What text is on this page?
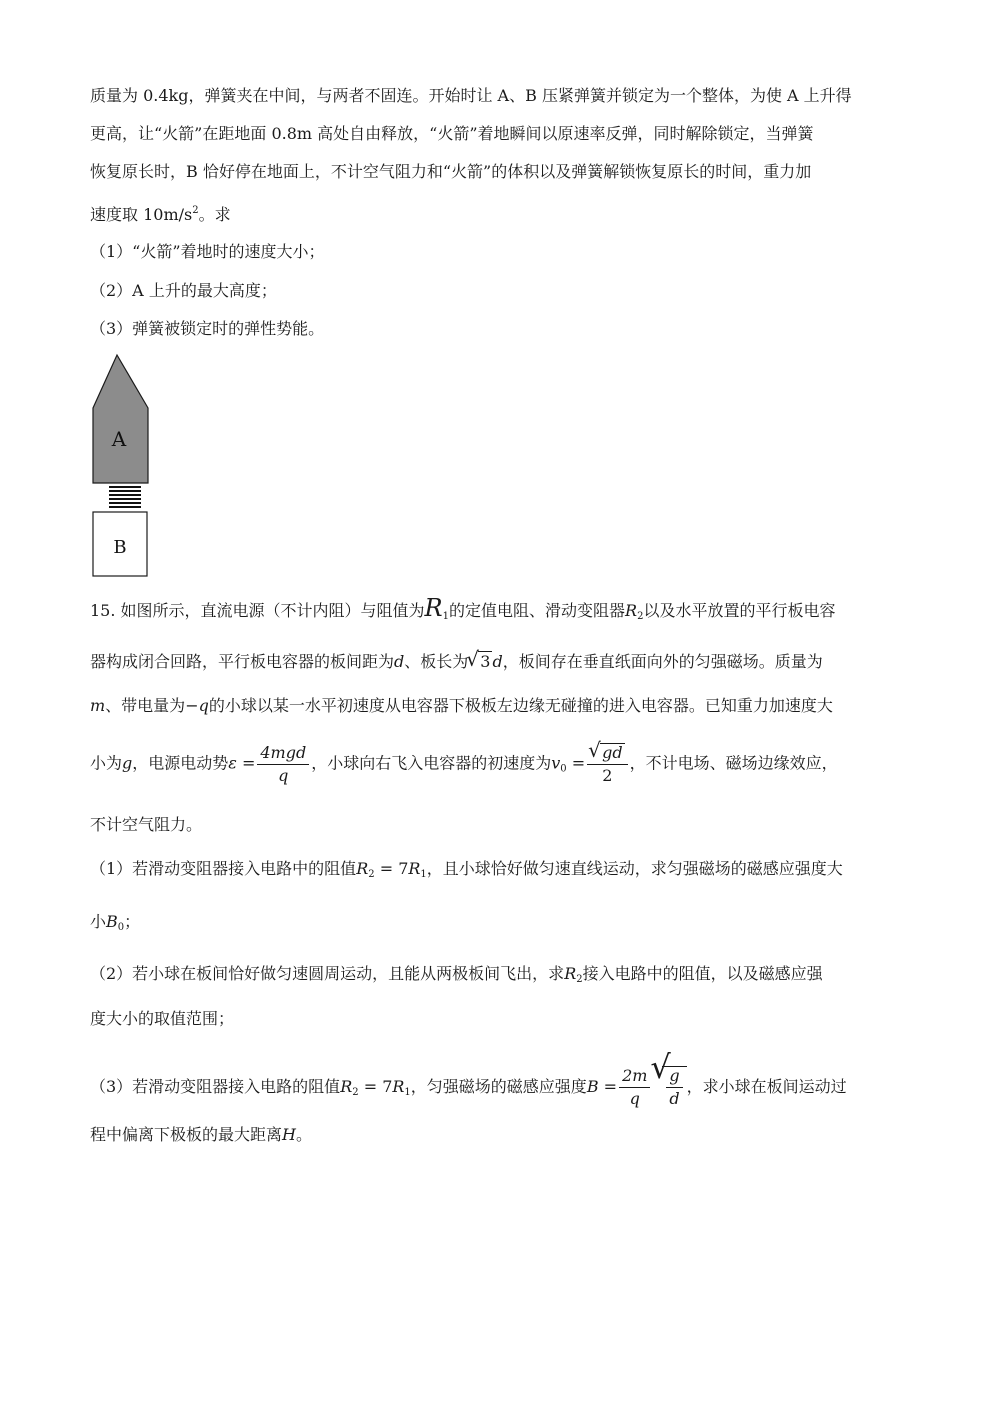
质量为 0.4kg，弹簧夹在中间，与两者不固连。开始时让 A、B 压紧弹簧并锁定为一个整体，为使 A 上升得
更高，让“火箭”在距地面 0.8m 高处自由释放，“火箭”着地瞬间以原速率反弹，同时解除锁定，当弹簧
恢复原长时，B 恰好停在地面上，不计空气阻力和“火箭”的体积以及弹簧解锁恢复原长的时间，重力加
速度取 $10m/s^2$。求
（1）“火箭”着地时的速度大小；
（2）A 上升的最大高度；
（3）弹簧被锁定时的弹性势能。
A
B
15. 如图所示，直流电源（不计内阻）与阻值为$R_1$的定值电阻、滑动变阻器$R_2$以及水平放置的平行板电容
器构成闭合回路，平行板电容器的板间距为d、板长为 √ 3 d，板间存在垂直纸面向外的匀强磁场。质量为
m、带电量为−q的小球以某一水平初速度从电容器下极板左边缘无碰撞的进入电容器。已知重力加速度大
小为g，电源电动势$\varepsilon = \frac{\text{4mgd}}{q}$ ，小球向右飞入电容器的初速度为$v_0$ = √ $\frac{gd}{2}$ ，不计电场、磁场边缘效应，
不计空气阻力。
（1）若滑动变阻器接入电路中的阻值$R_2 = 7R_1$，且小球恰好做匀速直线运动，求匀强磁场的磁感应强度大
小$B_0$；
（2）若小球在板间恰好做匀速圆周运动，且能从两极板间飞出，求$R_2$接入电路中的阻值，以及磁感应强
度大小的取值范围；
（3）若滑动变阻器接入电路的阻值$R_2 = 7R_1$，匀强磁场的磁感应强度$B = \frac{2m}{q}$ √ $\frac{g}{d}$ ，求小球在板间运动过
程中偏离下极板的最大距离H。
